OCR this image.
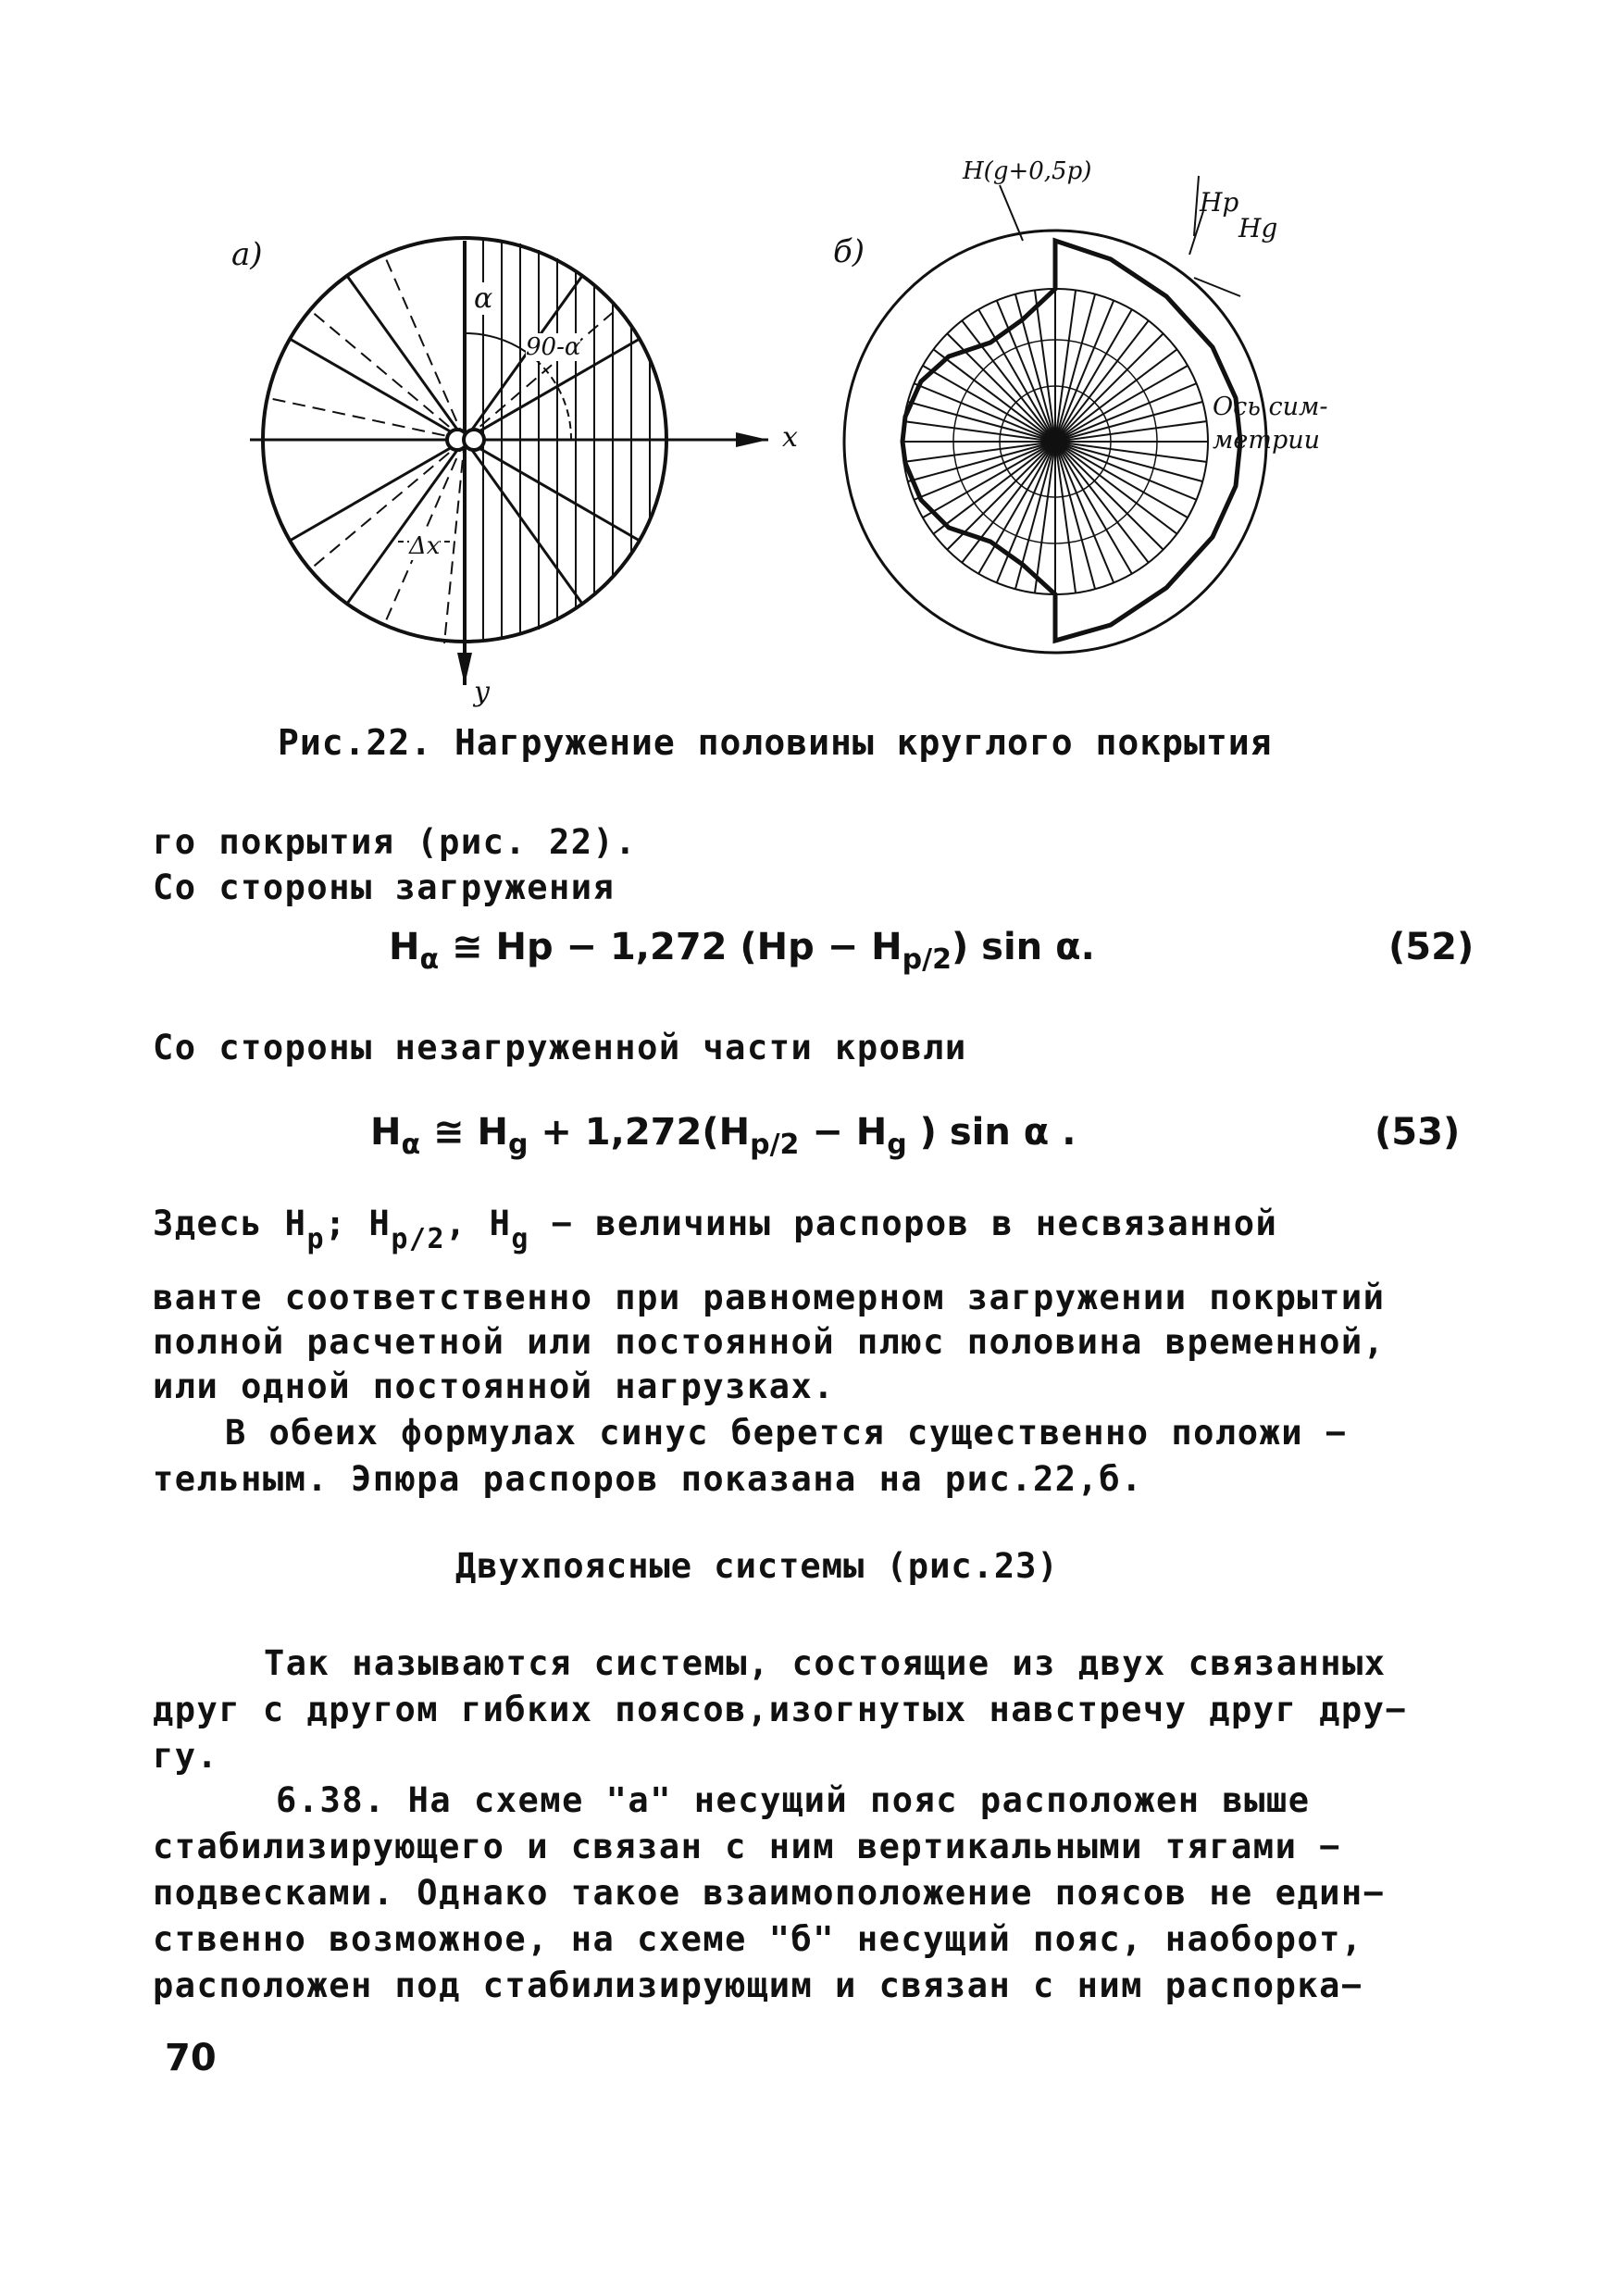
а)
x
y
α
90-α
Δx
б)
H(g+0,5p)
Hp
Hg
Ось сим-
метрии
Рис.22. Нагружение половины круглого покрытия
го покрытия (рис. 22).
Со стороны загружения
$H_\alpha$ ≅ Hp − 1,272 $(Hp - H_{p/2})$ sin α.	(52)
Со стороны незагруженной части кровли
$H_\alpha$ ≅ $H_g + 1,272(H_{p/2} - H_g$ ) sin α .	(53)
Здесь $H_p$; $H_{p/2}$, $H_g$ − величины распоров в несвязанной
ванте соответственно при равномерном загружении покрытий
полной расчетной или постоянной плюс половина временной,
или одной постоянной нагрузках.
В обеих формулах синус берется существенно положи −
тельным. Эпюра распоров показана на рис.22,б.
Двухпоясные системы (рис.23)
Так называются системы, состоящие из двух связанных
друг с другом гибких поясов,изогнутых навстречу друг дру−
гу.
6.38. На схеме "а" несущий пояс расположен выше
стабилизирующего и связан с ним вертикальными тягами −
подвесками. Однако такое взаимоположение поясов не един−
ственно возможное, на схеме "б" несущий пояс, наоборот,
расположен под стабилизирующим и связан с ним распорка−
70
